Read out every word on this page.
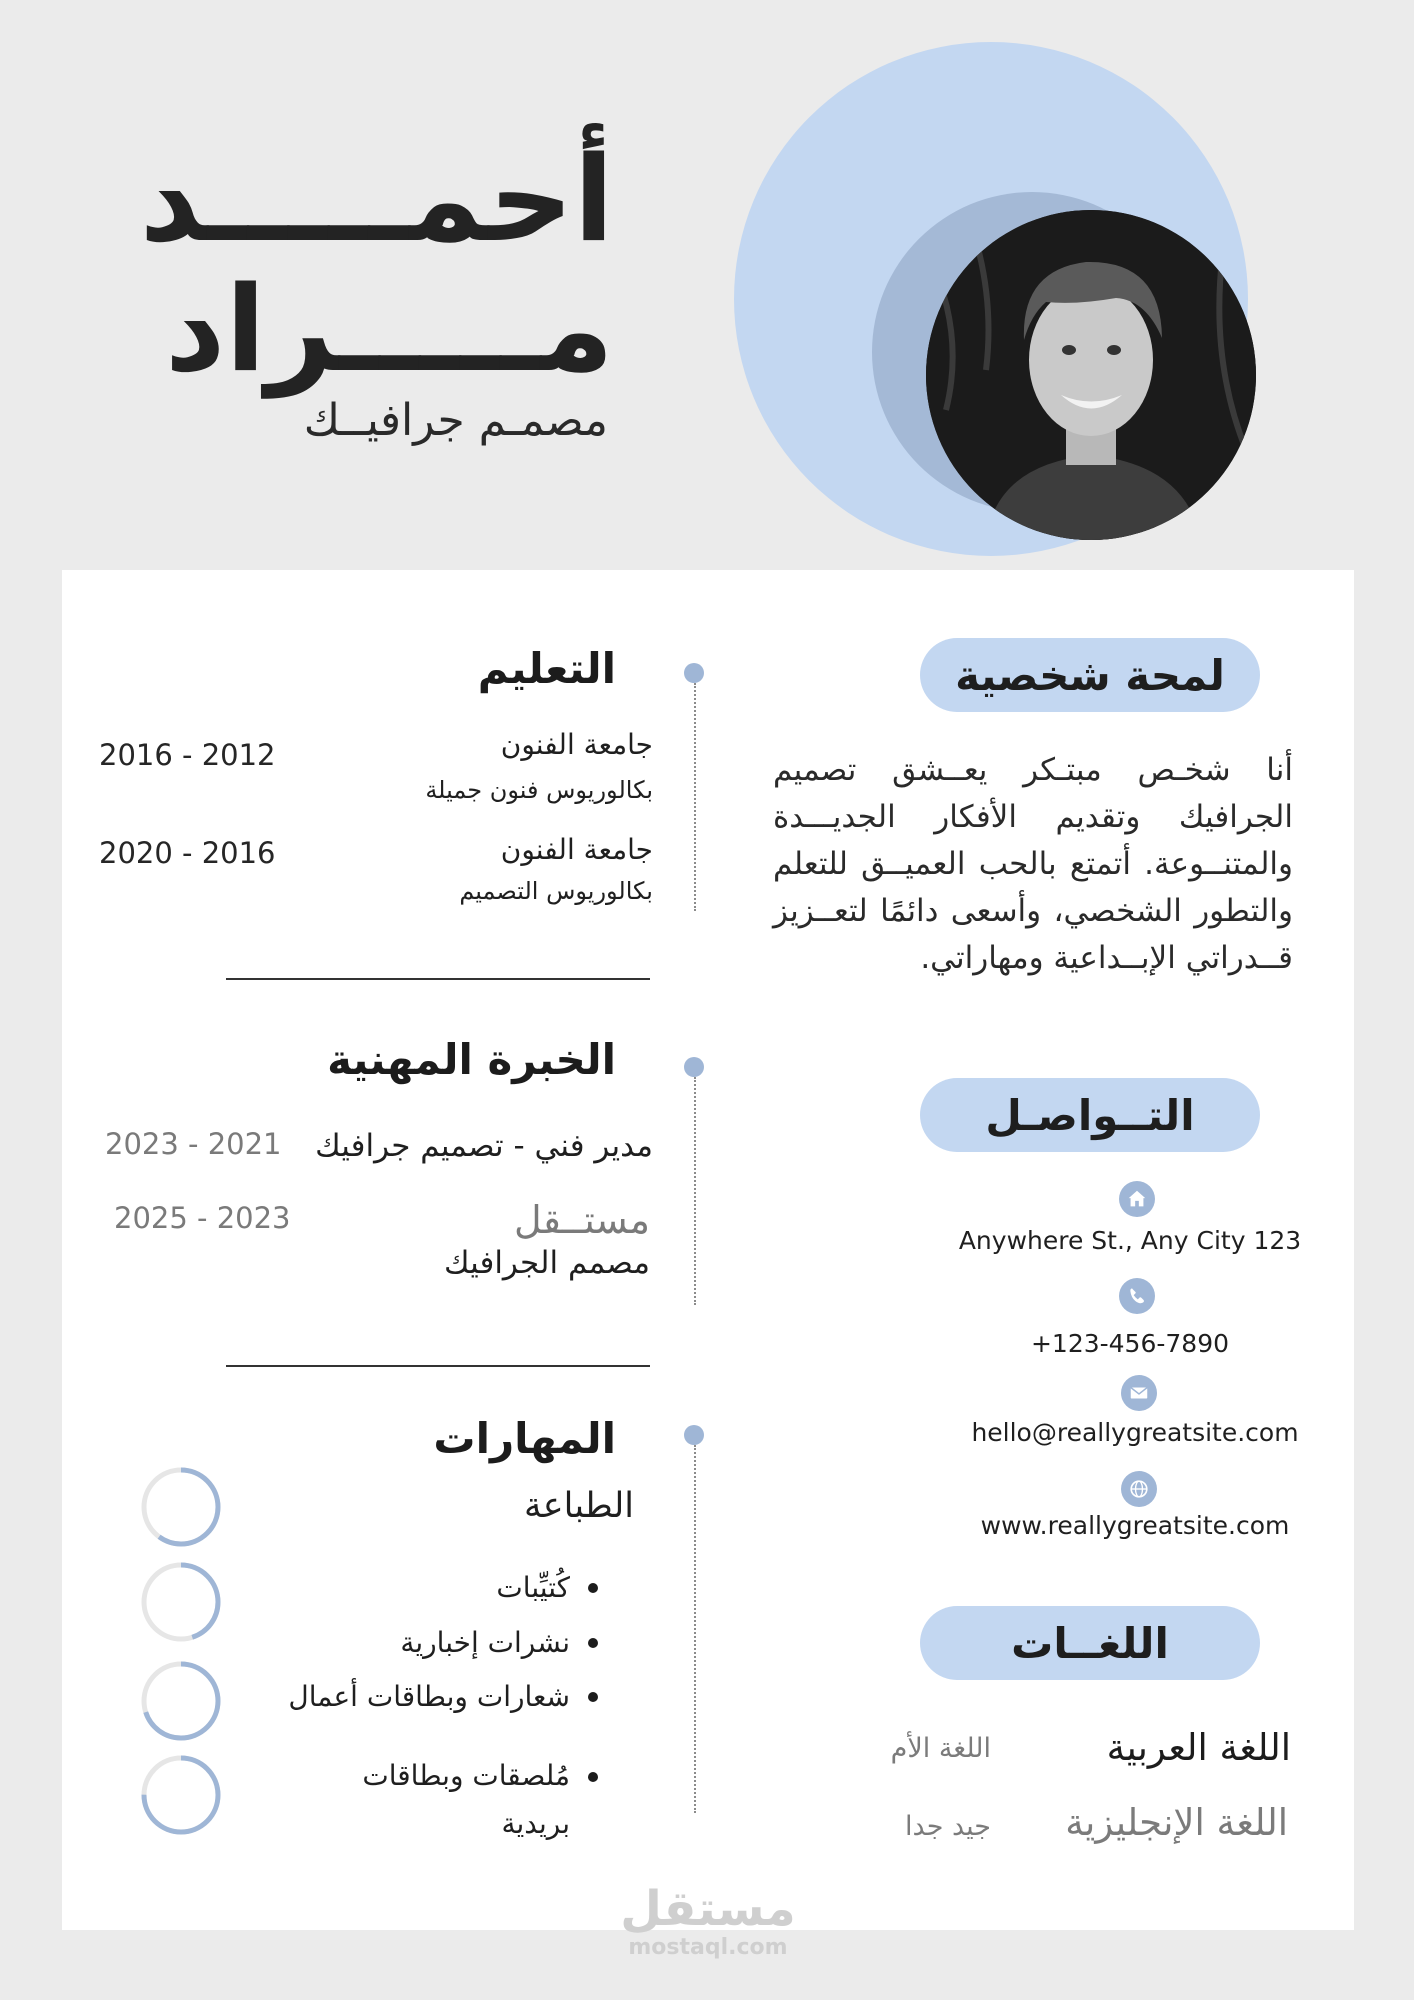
أحمـــــد
مـــــراد
مصمـم جرافيــك
لمحة شخصية
أنا شخـص مبتـكر يعــشق تصميم الجرافيك وتقديم الأفكار الجديـــدة والمتنــوعة. أتمتع بالحب العميــق للتعلم والتطور الشخصي، وأسعى دائمًا لتعــزيز قــدراتي الإبــداعية ومهاراتي.
التــواصـل
Anywhere St., Any City 123
+123-456-7890
hello@reallygreatsite.com
www.reallygreatsite.com
اللغــات
اللغة العربية
اللغة الأم
اللغة الإنجليزية
جيد جدا
التعليم
جامعة الفنون
بكالوريوس فنون جميلة
2016 - 2012
جامعة الفنون
بكالوريوس التصميم
2020 - 2016
الخبرة المهنية
مدير فني - تصميم جرافيك
2023 - 2021
مستــقل
مصمم الجرافيك
2025 - 2023
المهارات
الطباعة
كُتيِّبات
نشرات إخبارية
شعارات وبطاقات أعمال
مُلصقات وبطاقات بريدية
مستقل
mostaql.com
